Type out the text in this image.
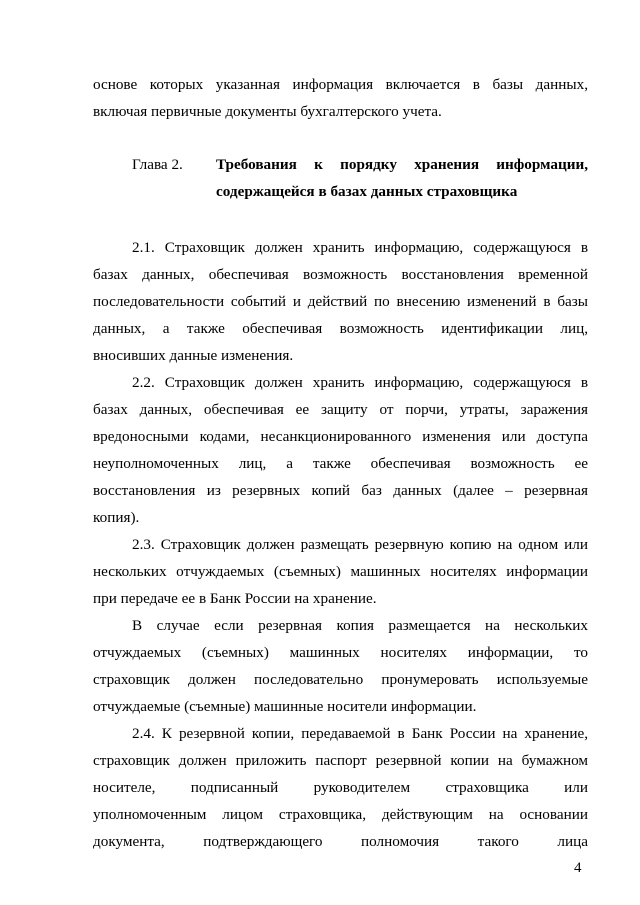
основе которых указанная информация включается в базы данных,
включая первичные документы бухгалтерского учета.
Глава 2. Требования к порядку хранения информации,
содержащейся в базах данных страховщика
2.1. Страховщик должен хранить информацию, содержащуюся в
базах данных, обеспечивая возможность восстановления временной
последовательности событий и действий по внесению изменений в базы
данных, а также обеспечивая возможность идентификации лиц,
вносивших данные изменения.
2.2. Страховщик должен хранить информацию, содержащуюся в
базах данных, обеспечивая ее защиту от порчи, утраты, заражения
вредоносными кодами, несанкционированного изменения или доступа
неуполномоченных лиц, а также обеспечивая возможность ее
восстановления из резервных копий баз данных (далее – резервная
копия).
2.3. Страховщик должен размещать резервную копию на одном или
нескольких отчуждаемых (съемных) машинных носителях информации
при передаче ее в Банк России на хранение.
В случае если резервная копия размещается на нескольких
отчуждаемых (съемных) машинных носителях информации, то
страховщик должен последовательно пронумеровать используемые
отчуждаемые (съемные) машинные носители информации.
2.4. К резервной копии, передаваемой в Банк России на хранение,
страховщик должен приложить паспорт резервной копии на бумажном
носителе, подписанный руководителем страховщика или
уполномоченным лицом страховщика, действующим на основании
документа, подтверждающего полномочия такого лица
4
